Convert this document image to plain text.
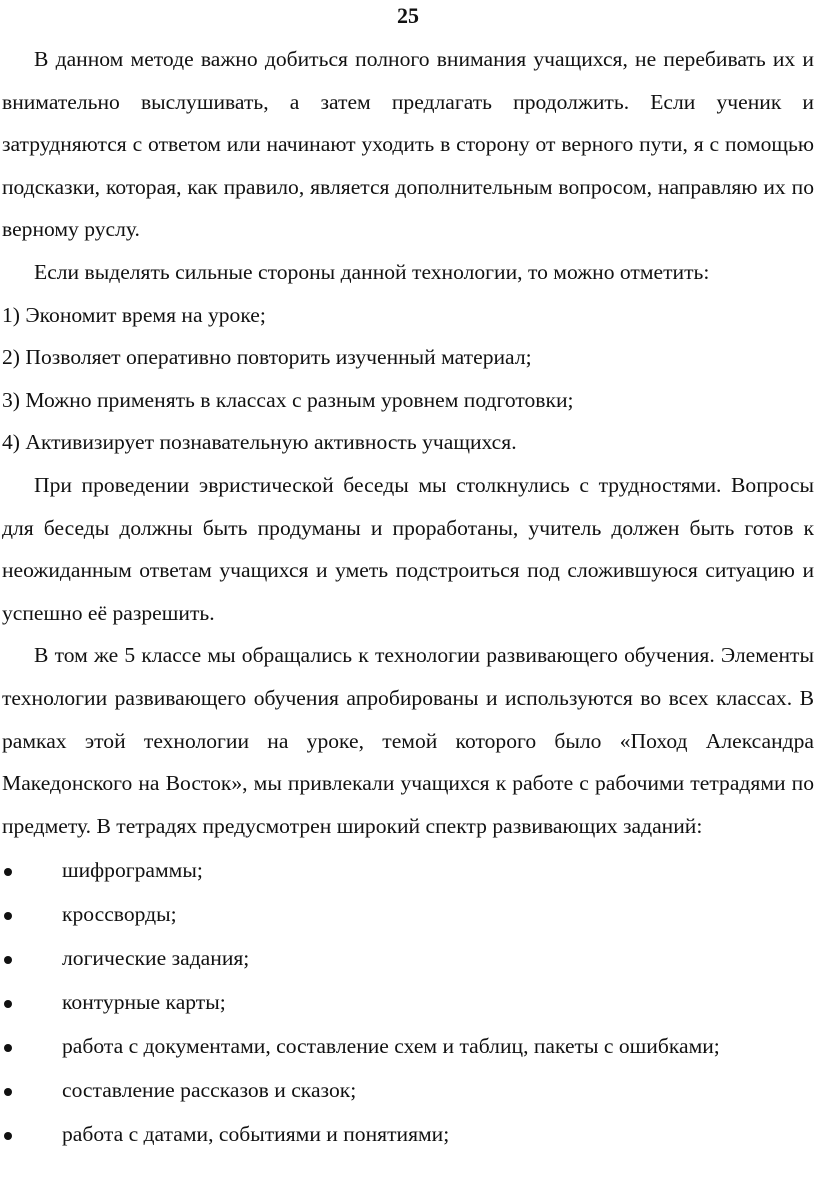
25

В данном методе важно добиться полного внимания учащихся, не перебивать их и внимательно выслушивать, а затем предлагать продолжить. Если ученик и затрудняются с ответом или начинают уходить в сторону от верного пути, я с помощью подсказки, которая, как правило, является дополнительным вопросом, направляю их по верному руслу.

Если выделять сильные стороны данной технологии, то можно отметить:

1) Экономит время на уроке;

2) Позволяет оперативно повторить изученный материал;

3) Можно применять в классах с разным уровнем подготовки;

4) Активизирует познавательную активность учащихся.

При проведении эвристической беседы мы столкнулись с трудностями. Вопросы для беседы должны быть продуманы и проработаны, учитель должен быть готов к неожиданным ответам учащихся и уметь подстроиться под сложившуюся ситуацию и успешно её разрешить.

В том же 5 классе мы обращались к технологии развивающего обучения. Элементы технологии развивающего обучения апробированы и используются во всех классах. В рамках этой технологии на уроке, темой которого было «Поход Александра Македонского на Восток», мы привлекали учащихся к работе с рабочими тетрадями по предмету. В тетрадях предусмотрен широкий спектр развивающих заданий:

шифрограммы;
кроссворды;
логические задания;
контурные карты;
работа с документами, составление схем и таблиц, пакеты с ошибками;
составление рассказов и сказок;
работа с датами, событиями и понятиями;
